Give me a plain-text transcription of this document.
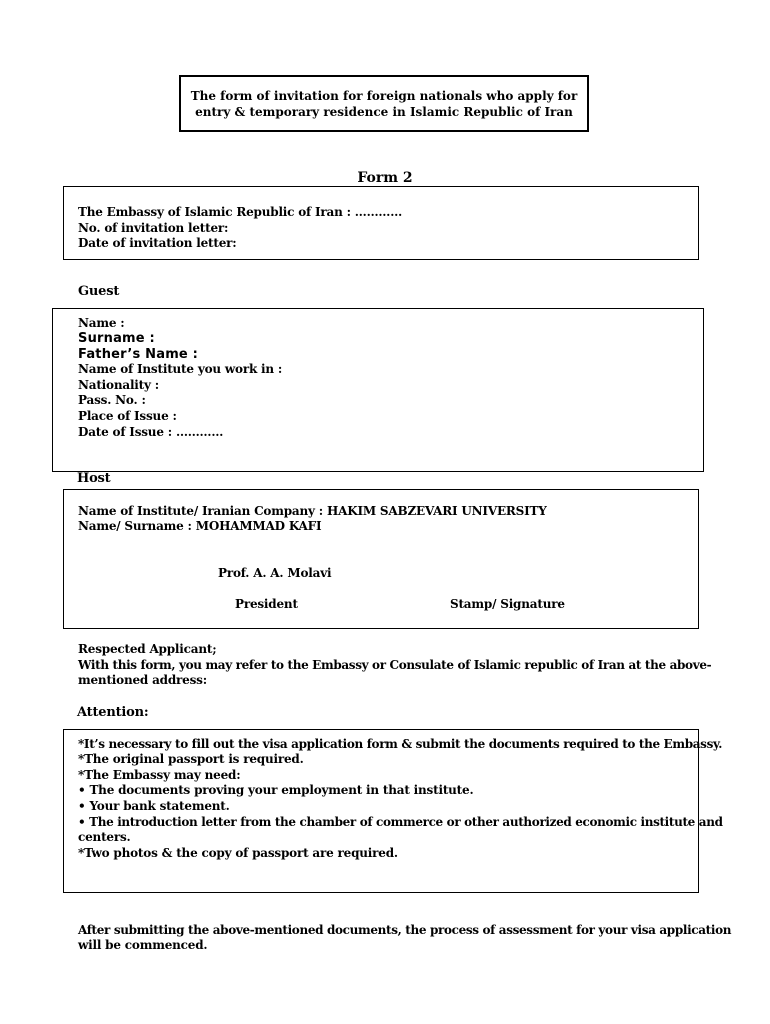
The form of invitation for foreign nationals who apply for
entry & temporary residence in Islamic Republic of Iran
Form 2
The Embassy of Islamic Republic of Iran : …………
No. of invitation letter:
Date of invitation letter:
Guest
Name :
Surname :
Father’s Name :
Name of Institute you work in :
Nationality :
Pass. No. :
Place of Issue :
Date of Issue : …………
Host
Name of Institute/ Iranian Company : HAKIM SABZEVARI UNIVERSITY
Name/ Surname : MOHAMMAD KAFI
Prof. A. A. Molavi
President	Stamp/ Signature
Respected Applicant;
With this form, you may refer to the Embassy or Consulate of Islamic republic of Iran at the above-
mentioned address:
Attention:
*It’s necessary to fill out the visa application form & submit the documents required to the Embassy.
*The original passport is required.
*The Embassy may need:
• The documents proving your employment in that institute.
• Your bank statement.
• The introduction letter from the chamber of commerce or other authorized economic institute and
centers.
*Two photos & the copy of passport are required.
After submitting the above-mentioned documents, the process of assessment for your visa application
will be commenced.
